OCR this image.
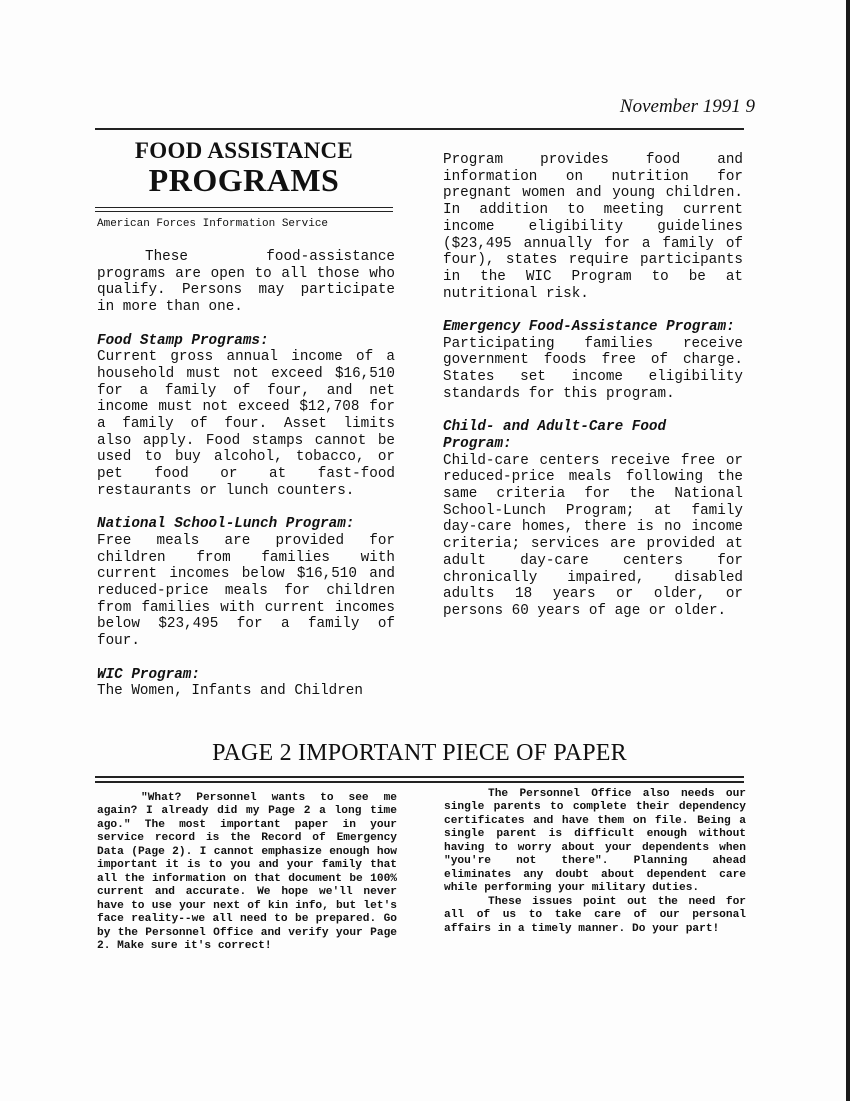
November 1991 9
FOOD ASSISTANCE
PROGRAMS
American Forces Information Service

These food-assistance programs are open to all those who qualify. Persons may participate in more than one.

Food Stamp Programs:
Current gross annual income of a household must not exceed $16,510 for a family of four, and net income must not exceed $12,708 for a family of four. Asset limits also apply. Food stamps cannot be used to buy alcohol, tobacco, or pet food or at fast-food restaurants or lunch counters.

National School-Lunch Program:
Free meals are provided for children from families with current incomes below $16,510 and reduced-price meals for children from families with current incomes below $23,495 for a family of four.

WIC Program:
The Women, Infants and Children

Program provides food and information on nutrition for pregnant women and young children. In addition to meeting current income eligibility guidelines ($23,495 annually for a family of four), states require participants in the WIC Program to be at nutritional risk.

Emergency Food-Assistance Program:
Participating families receive government foods free of charge. States set income eligibility standards for this program.

Child- and Adult-Care Food Program:
Child-care centers receive free or reduced-price meals following the same criteria for the National School-Lunch Program; at family day-care homes, there is no income criteria; services are provided at adult day-care centers for chronically impaired, disabled adults 18 years or older, or persons 60 years of age or older.

PAGE 2 IMPORTANT PIECE OF PAPER

"What? Personnel wants to see me again? I already did my Page 2 a long time ago." The most important paper in your service record is the Record of Emergency Data (Page 2). I cannot emphasize enough how important it is to you and your family that all the information on that document be 100% current and accurate. We hope we'll never have to use your next of kin info, but let's face reality--we all need to be prepared. Go by the Personnel Office and verify your Page 2. Make sure it's correct!

The Personnel Office also needs our single parents to complete their dependency certificates and have them on file. Being a single parent is difficult enough without having to worry about your dependents when "you're not there". Planning ahead eliminates any doubt about dependent care while performing your military duties.

These issues point out the need for all of us to take care of our personal affairs in a timely manner. Do your part!
